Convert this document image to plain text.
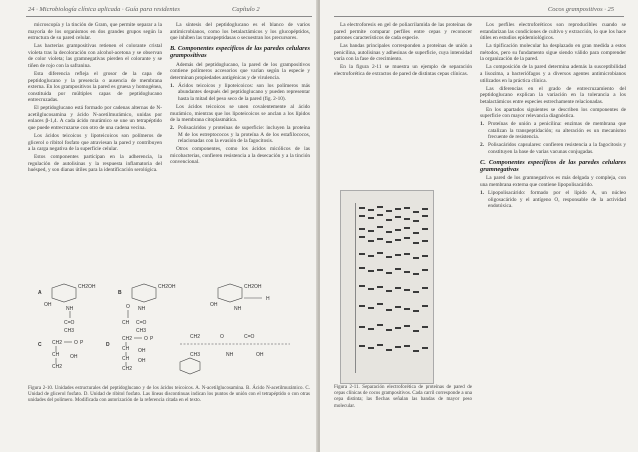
24 · Microbiología clínica aplicada · Guía para residentes	Capítulo 2

microscopía y la tinción de Gram, que permite separar a la mayoría de los organismos en dos grandes grupos según la estructura de su pared celular.

Las bacterias grampositivas retienen el colorante cristal violeta tras la decoloración con alcohol-acetona y se observan de color violeta; las gramnegativas pierden el colorante y se tiñen de rojo con la safranina.

Esta diferencia refleja el grosor de la capa de peptidoglucano y la presencia o ausencia de membrana externa. En los grampositivos la pared es gruesa y homogénea, constituida por múltiples capas de peptidoglucano entrecruzadas.

El peptidoglucano está formado por cadenas alternas de N-acetilglucosamina y ácido N-acetilmurámico, unidas por enlaces β-1,4. A cada ácido murámico se une un tetrapéptido que puede entrecruzarse con otro de una cadena vecina.

Los ácidos teicoicos y lipoteicoicos son polímeros de glicerol o ribitol fosfato que atraviesan la pared y contribuyen a la carga negativa de la superficie celular.

Estos componentes participan en la adherencia, la regulación de autolisinas y la respuesta inflamatoria del huésped, y son dianas útiles para la identificación serológica.

La síntesis del peptidoglucano es el blanco de varios antimicrobianos, como los betalactámicos y los glucopéptidos, que inhiben las transpeptidasas o secuestran los precursores.

B. Componentes específicos de las paredes celulares grampositivas

Además del peptidoglucano, la pared de los grampositivos contiene polímeros accesorios que varían según la especie y determinan propiedades antigénicas y de virulencia.

1. Ácidos teicoicos y lipoteicoicos: son los polímeros más abundantes después del peptidoglucano y pueden representar hasta la mitad del peso seco de la pared (fig. 2-10).

Los ácidos teicoicos se unen covalentemente al ácido murámico, mientras que los lipoteicoicos se anclan a los lípidos de la membrana citoplasmática.

2. Polisacáridos y proteínas de superficie: incluyen la proteína M de los estreptococos y la proteína A de los estafilococos, relacionadas con la evasión de la fagocitosis.

Otros componentes, como los ácidos micólicos de las micobacterias, confieren resistencia a la desecación y a la tinción convencional.

A
CH2OH
OH
NH
C=O
CH3
B
CH2OH
O
CH
NH
C=O
CH3
CH2OH
OH
NH
H
C CH2 O P
CH
CH2
OH
D
CH2 O P
CH
CH
CH2
OH
OH
CH2	O	C=O
CH3	NH	OH
Figura 2-10. Unidades estructurales del peptidoglucano y de los ácidos teicoicos. A. N-acetilglucosamina. B. Ácido N-acetilmurámico. C. Unidad de glicerol fosfato. D. Unidad de ribitol fosfato. Las líneas discontinuas indican los puntos de unión con el tetrapéptido o con otras unidades del polímero. Modificada con autorización de la referencia citada en el texto.
Cocos grampositivos · 25

La electroforesis en gel de poliacrilamida de las proteínas de pared permite comparar perfiles entre cepas y reconocer patrones característicos de cada especie.

Las bandas principales corresponden a proteínas de unión a penicilina, autolisinas y adhesinas de superficie, cuya intensidad varía con la fase de crecimiento.

En la figura 2-11 se muestra un ejemplo de separación electroforética de extractos de pared de distintas cepas clínicas.

Figura 2-11. Separación electroforética de proteínas de pared de cepas clínicas de cocos grampositivos. Cada carril corresponde a una cepa distinta; las flechas señalan las bandas de mayor peso molecular.

Los perfiles electroforéticos son reproducibles cuando se estandarizan las condiciones de cultivo y extracción, lo que los hace útiles en estudios epidemiológicos.

La tipificación molecular ha desplazado en gran medida a estos métodos, pero su fundamento sigue siendo válido para comprender la organización de la pared.

La composición de la pared determina además la susceptibilidad a lisozima, a bacteriófagos y a diversos agentes antimicrobianos utilizados en la práctica clínica.

Las diferencias en el grado de entrecruzamiento del peptidoglucano explican la variación en la tolerancia a los betalactámicos entre especies estrechamente relacionadas.

En los apartados siguientes se describen los componentes de superficie con mayor relevancia diagnóstica.

1. Proteínas de unión a penicilina: enzimas de membrana que catalizan la transpeptidación; su alteración es un mecanismo frecuente de resistencia.

2. Polisacáridos capsulares: confieren resistencia a la fagocitosis y constituyen la base de varias vacunas conjugadas.

C. Componentes específicos de las paredes celulares gramnegativas

La pared de los gramnegativos es más delgada y compleja, con una membrana externa que contiene lipopolisacárido.

1. Lipopolisacárido: formado por el lípido A, un núcleo oligosacárido y el antígeno O, responsable de la actividad endotóxica.
